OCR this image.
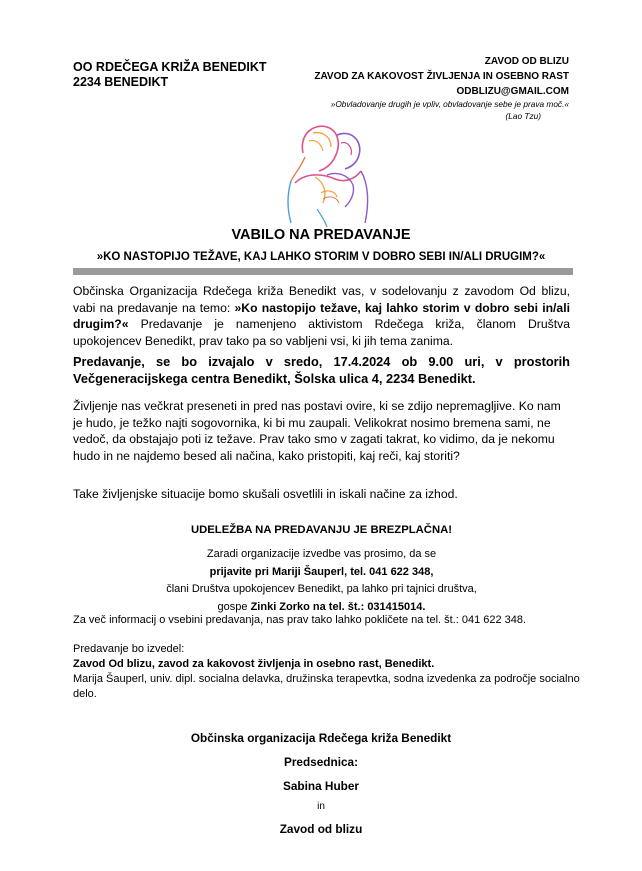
OO RDEČEGA KRIŽA BENEDIKT
2234 BENEDIKT
ZAVOD OD BLIZU
ZAVOD ZA KAKOVOST ŽIVLJENJA IN OSEBNO RAST
ODBLIZU@GMAIL.COM
»Obvladovanje drugih je vpliv, obvladovanje sebe je prava moč.«
(Lao Tzu)
VABILO NA PREDAVANJE
»KO NASTOPIJO TEŽAVE, KAJ LAHKO STORIM V DOBRO SEBI IN/ALI DRUGIM?«
Občinska Organizacija Rdečega križa Benedikt vas, v sodelovanju z zavodom Od blizu, vabi na predavanje na temo: »Ko nastopijo težave, kaj lahko storim v dobro sebi in/ali drugim?« Predavanje je namenjeno aktivistom Rdečega križa, članom Društva upokojencev Benedikt, prav tako pa so vabljeni vsi, ki jih tema zanima.
Predavanje, se bo izvajalo v sredo, 17.4.2024 ob 9.00 uri, v prostorih Večgeneracijskega centra Benedikt, Šolska ulica 4, 2234 Benedikt.
Življenje nas večkrat preseneti in pred nas postavi ovire, ki se zdijo nepremagljive. Ko nam je hudo, je težko najti sogovornika, ki bi mu zaupali. Velikokrat nosimo bremena sami, ne vedoč, da obstajajo poti iz težave. Prav tako smo v zagati takrat, ko vidimo, da je nekomu hudo in ne najdemo besed ali načina, kako pristopiti, kaj reči, kaj storiti?
Take življenjske situacije bomo skušali osvetlili in iskali načine za izhod.
UDELEŽBA NA PREDAVANJU JE BREZPLAČNA!
Zaradi organizacije izvedbe vas prosimo, da se
prijavite pri Mariji Šauperl, tel. 041 622 348,
člani Društva upokojencev Benedikt, pa lahko pri tajnici društva,
gospe Zinki Zorko na tel. št.: 031415014.
Za več informacij o vsebini predavanja, nas prav tako lahko pokličete na tel. št.: 041 622 348.
Predavanje bo izvedel:
Zavod Od blizu, zavod za kakovost življenja in osebno rast, Benedikt.
Marija Šauperl, univ. dipl. socialna delavka, družinska terapevtka, sodna izvedenka za področje socialno delo.
Občinska organizacija Rdečega križa Benedikt
Predsednica:
Sabina Huber
in
Zavod od blizu
